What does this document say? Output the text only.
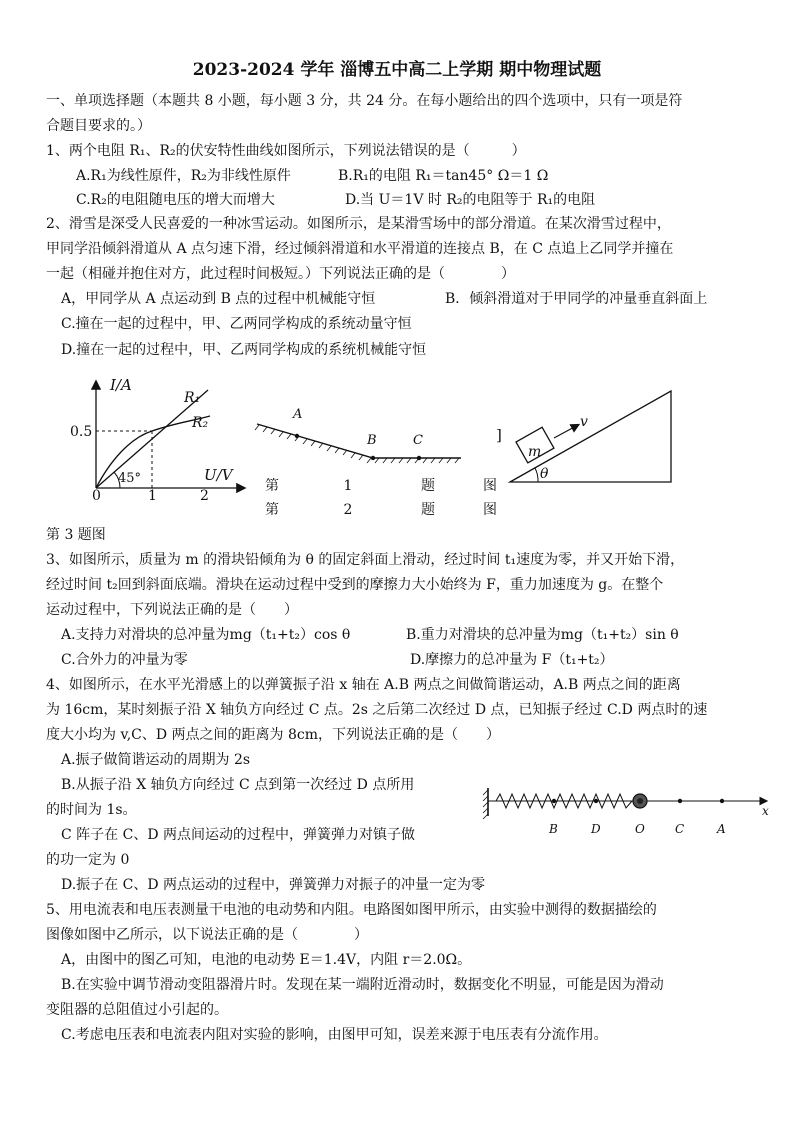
2023-2024 学年 淄博五中高二上学期 期中物理试题
一、单项选择题（本题共 8 小题，每小题 3 分，共 24 分。在每小题给出的四个选项中，只有一项是符
合题目要求的。）
1、两个电阻 R₁、R₂的伏安特性曲线如图所示，下列说法错误的是（　　　）
A.R₁为线性原件，R₂为非线性原件	B.R₁的电阻 R₁＝tan45° Ω＝1 Ω
C.R₂的电阻随电压的增大而增大	D.当 U＝1V 时 R₂的电阻等于 R₁的电阻
2、滑雪是深受人民喜爱的一种冰雪运动。如图所示，是某滑雪场中的部分滑道。在某次滑雪过程中，
甲同学沿倾斜滑道从 A 点匀速下滑，经过倾斜滑道和水平滑道的连接点 B，在 C 点追上乙同学并撞在
一起（相碰并抱住对方，此过程时间极短。）下列说法正确的是（　　　　）
A，甲同学从 A 点运动到 B 点的过程中机械能守恒	B．倾斜滑道对于甲同学的冲量垂直斜面上
C.撞在一起的过程中，甲、乙两同学构成的系统动量守恒
D.撞在一起的过程中，甲、乙两同学构成的系统机械能守恒
I/A
U/V
R₁
R₂
0.5
0	1	2
45°
A
B	C	]
m
v
θ
第	1	题	图
第	2	题	图
第 3 题图
3、如图所示，质量为 m 的滑块铅倾角为 θ 的固定斜面上滑动，经过时间 t₁速度为零，并又开始下滑，
经过时间 t₂回到斜面底端。滑块在运动过程中受到的摩擦力大小始终为 F，重力加速度为 g。在整个
运动过程中，下列说法正确的是（　　）
A.支持力对滑块的总冲量为mg（t₁+t₂）cos θ	B.重力对滑块的总冲量为mg（t₁+t₂）sin θ
C.合外力的冲量为零	D.摩擦力的总冲量为 F（t₁+t₂）
4、如图所示，在水平光滑感上的以弹簧振子沿 x 轴在 A.B 两点之间做简谐运动，A.B 两点之间的距离
为 16cm，某时刻振子沿 X 轴负方向经过 C 点。2s 之后第二次经过 D 点，已知振子经过 C.D 两点时的速
度大小均为 v,C、D 两点之间的距离为 8cm，下列说法正确的是（　　）
A.振子做简谐运动的周期为 2s
B.从振子沿 X 轴负方向经过 C 点到第一次经过 D 点所用
的时间为 1s。
C 阵子在 C、D 两点间运动的过程中，弹簧弹力对镇子做
的功一定为 0
D.振子在 C、D 两点运动的过程中，弹簧弹力对振子的冲量一定为零
B	D	O	C	A
x
5、用电流表和电压表测量干电池的电动势和内阻。电路图如图甲所示，由实验中测得的数据描绘的
图像如图中乙所示，以下说法正确的是（　　　　）
A，由图中的图乙可知，电池的电动势 E＝1.4V，内阻 r＝2.0Ω。
B.在实验中调节滑动变阻器滑片时。发现在某一端附近滑动时，数据变化不明显，可能是因为滑动
变阻器的总阻值过小引起的。
C.考虑电压表和电流表内阻对实验的影响，由图甲可知，误差来源于电压表有分流作用。
